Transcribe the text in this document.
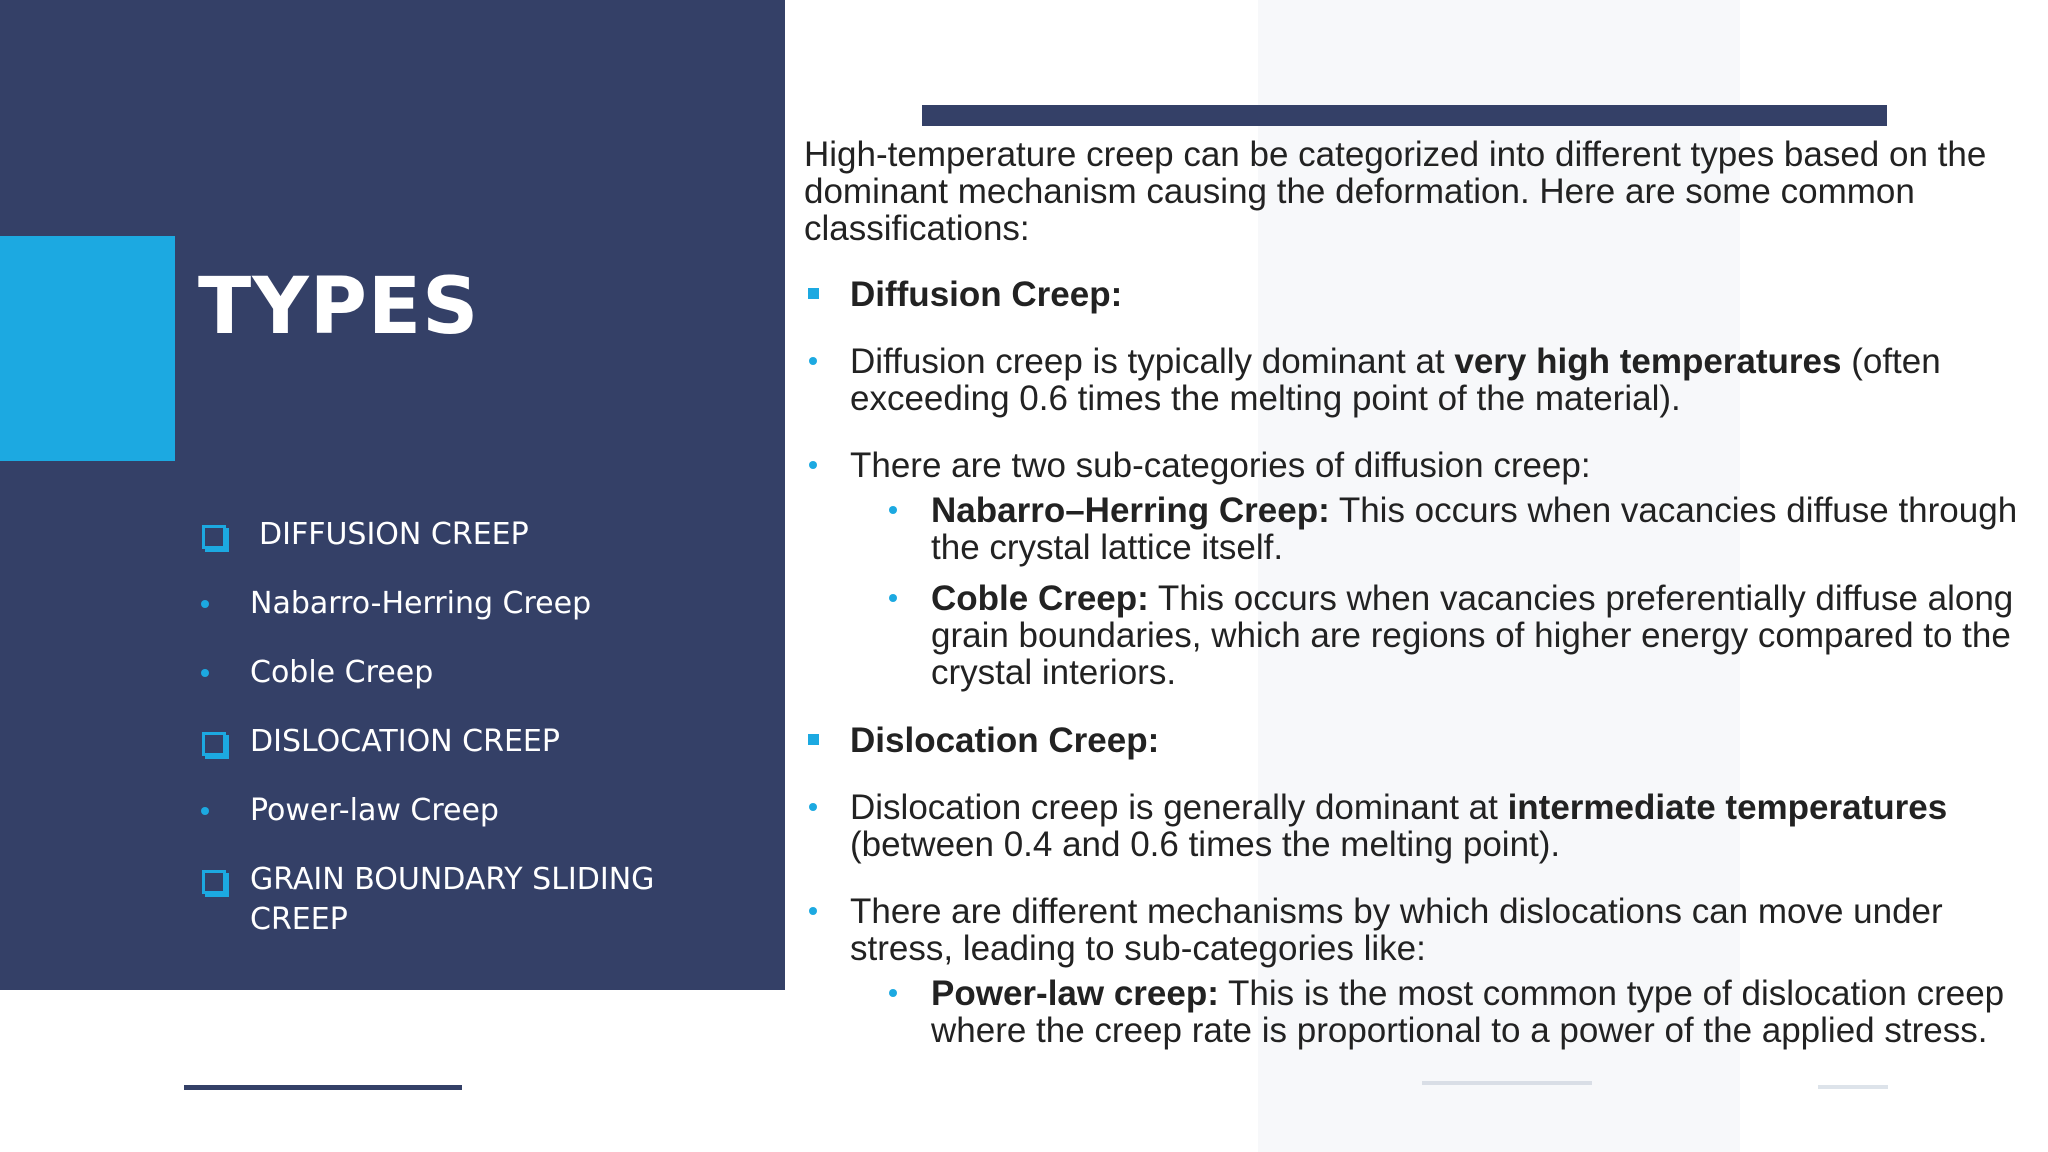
TYPES
DIFFUSION CREEP
Nabarro-Herring Creep
Coble Creep
DISLOCATION CREEP
Power-law Creep
GRAIN BOUNDARY SLIDING CREEP

High-temperature creep can be categorized into different types based on the dominant mechanism causing the deformation. Here are some common classifications:

Diffusion Creep:
Diffusion creep is typically dominant at very high temperatures (often exceeding 0.6 times the melting point of the material).
There are two sub-categories of diffusion creep:
Nabarro–Herring Creep: This occurs when vacancies diffuse through the crystal lattice itself.
Coble Creep: This occurs when vacancies preferentially diffuse along grain boundaries, which are regions of higher energy compared to the crystal interiors.
Dislocation Creep:
Dislocation creep is generally dominant at intermediate temperatures (between 0.4 and 0.6 times the melting point).
There are different mechanisms by which dislocations can move under stress, leading to sub-categories like:
Power-law creep: This is the most common type of dislocation creep where the creep rate is proportional to a power of the applied stress.
